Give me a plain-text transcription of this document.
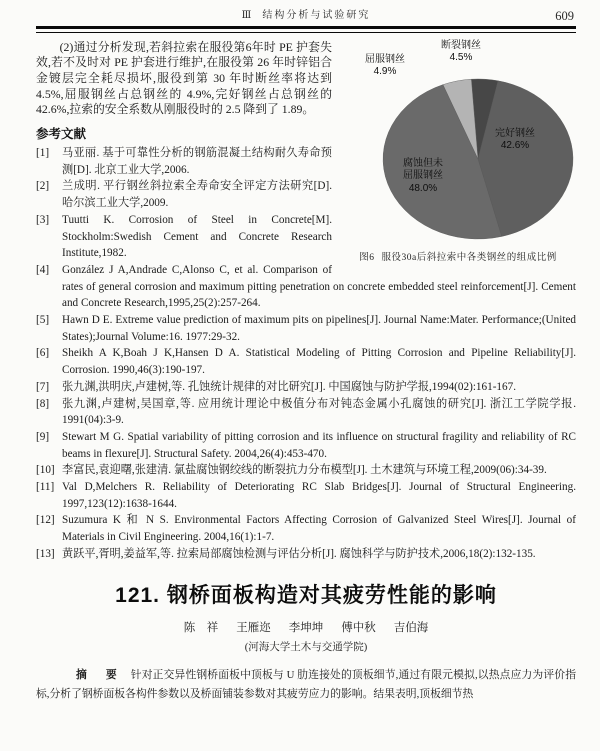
Ⅲ 结构分析与试验研究	609
断裂钢丝
4.5%
屈服钢丝
4.9%
完好钢丝
42.6%
腐蚀但未
屈服钢丝
48.0%
图6 服役30a后斜拉索中各类钢丝的组成比例

(2)通过分析发现,若斜拉索在服役第6年时 PE 护套失效,若不及时对 PE 护套进行维护,在服役第 26 年时锌铝合金镀层完全耗尽损坏,服役到第 30 年时断丝率将达到 4.5%,屈服钢丝占总钢丝的 4.9%,完好钢丝占总钢丝的 42.6%,拉索的安全系数从刚服役时的 2.5 降到了 1.89。

参考文献
[1] 马亚丽. 基于可靠性分析的钢筋混凝土结构耐久寿命预测[D]. 北京工业大学,2006.
[2] 兰成明. 平行钢丝斜拉索全寿命安全评定方法研究[D]. 哈尔滨工业大学,2009.
[3] Tuutti K. Corrosion of Steel in Concrete[M]. Stockholm:Swedish Cement and Concrete Research Institute,1982.
[4] González J A,Andrade C,Alonso C, et al. Comparison of rates of general corrosion and maximum pitting penetration on concrete embedded steel reinforcement[J]. Cement and Concrete Research,1995,25(2):257-264.
[5] Hawn D E. Extreme value prediction of maximum pits on pipelines[J]. Journal Name:Mater. Performance;(United States);Journal Volume:16. 1977:29-32.
[6] Sheikh A K,Boah J K,Hansen D A. Statistical Modeling of Pitting Corrosion and Pipeline Reliability[J]. Corrosion. 1990,46(3):190-197.
[7] 张九渊,洪明庆,卢建树,等. 孔蚀统计规律的对比研究[J]. 中国腐蚀与防护学报,1994(02):161-167.
[8] 张九渊,卢建树,吴国章,等. 应用统计理论中极值分布对钝态金属小孔腐蚀的研究[J]. 浙江工学院学报. 1991(04):3-9.
[9] Stewart M G. Spatial variability of pitting corrosion and its influence on structural fragility and reliability of RC beams in flexure[J]. Structural Safety. 2004,26(4):453-470.
[10] 李富民,袁迎曙,张建清. 氯盐腐蚀钢绞线的断裂抗力分布模型[J]. 土木建筑与环境工程,2009(06):34-39.
[11] Val D,Melchers R. Reliability of Deteriorating RC Slab Bridges[J]. Journal of Structural Engineering. 1997,123(12):1638-1644.
[12] Suzumura K 和 N S. Environmental Factors Affecting Corrosion of Galvanized Steel Wires[J]. Journal of Materials in Civil Engineering. 2004,16(1):1-7.
[13] 黄跃平,胥明,姜益军,等. 拉索局部腐蚀检测与评估分析[J]. 腐蚀科学与防护技术,2006,18(2):132-135.
121. 钢桥面板构造对其疲劳性能的影响
陈　祥 王雁迩 李坤坤 傅中秋 吉伯海
(河海大学土木与交通学院)

摘　要 针对正交异性钢桥面板中顶板与 U 肋连接处的顶板细节,通过有限元模拟,以热点应力为评价指标,分析了钢桥面板各构件参数以及桥面铺装参数对其疲劳应力的影响。结果表明,顶板细节热
